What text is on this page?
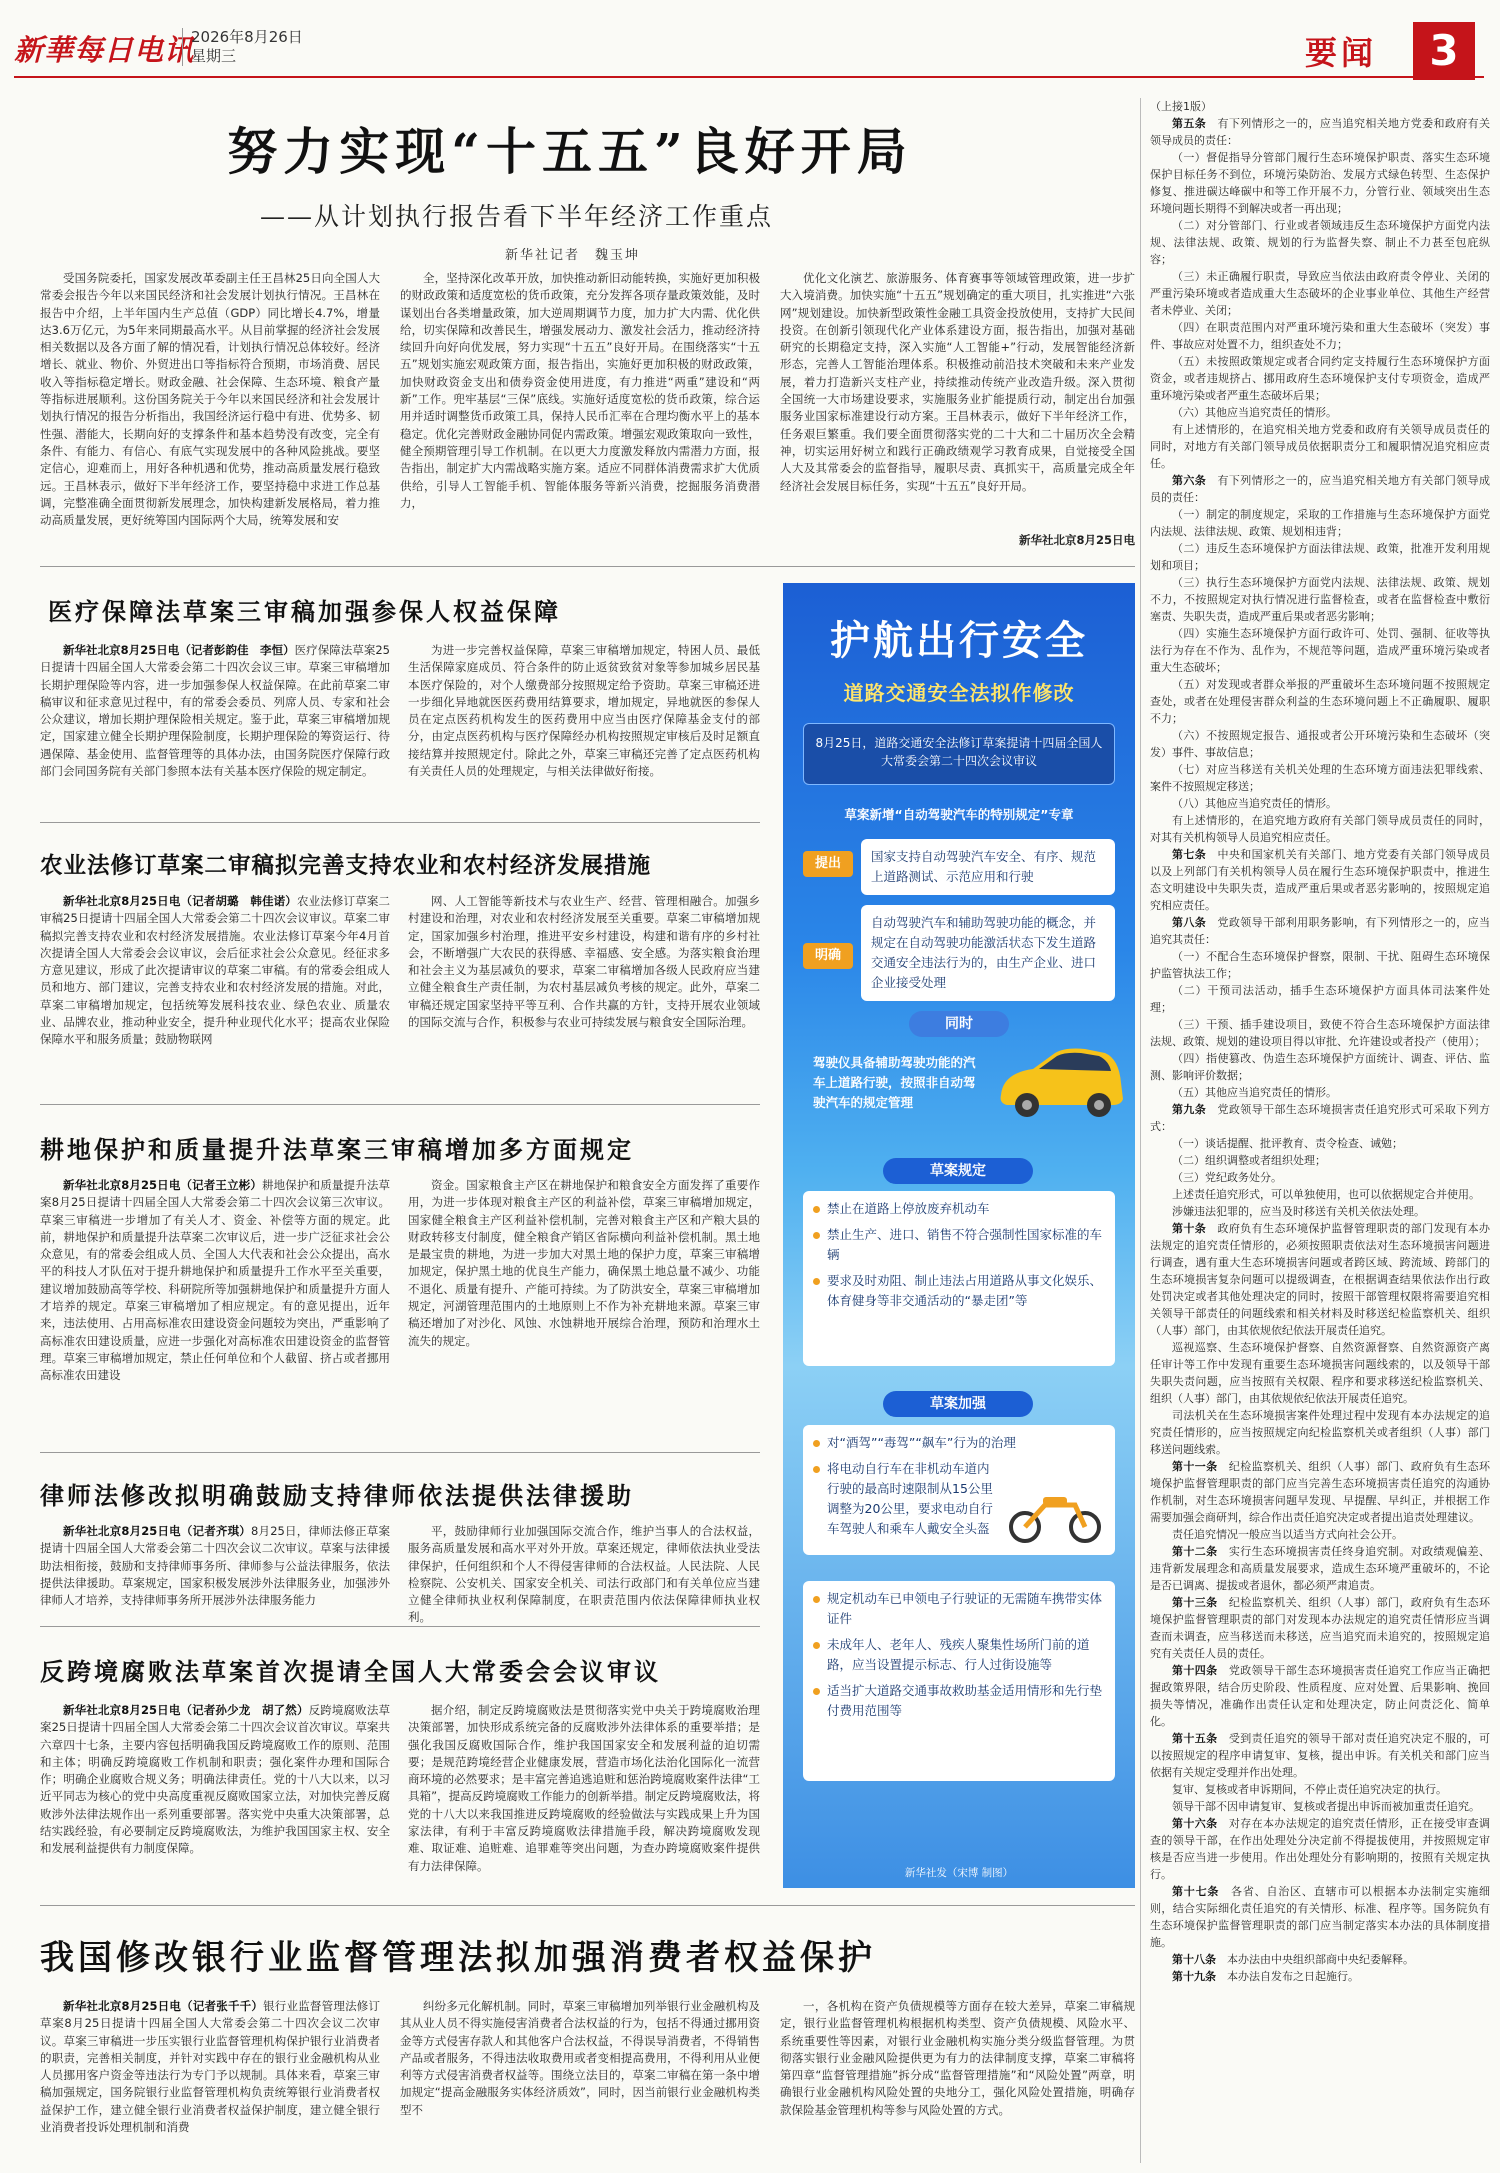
新華每日电讯
2026年8月26日
星期三	要闻	3
努力实现“十五五”良好开局
——从计划执行报告看下半年经济工作重点
新华社记者　魏玉坤

受国务院委托，国家发展改革委副主任王昌林25日向全国人大常委会报告今年以来国民经济和社会发展计划执行情况。王昌林在报告中介绍，上半年国内生产总值（GDP）同比增长4.7%，增量达3.6万亿元，为5年来同期最高水平。从目前掌握的经济社会发展相关数据以及各方面了解的情况看，计划执行情况总体较好。经济增长、就业、物价、外贸进出口等指标符合预期，市场消费、居民收入等指标稳定增长。财政金融、社会保障、生态环境、粮食产量等指标进展顺利。这份国务院关于今年以来国民经济和社会发展计划执行情况的报告分析指出，我国经济运行稳中有进、优势多、韧性强、潜能大，长期向好的支撑条件和基本趋势没有改变，完全有条件、有能力、有信心、有底气实现发展中的各种风险挑战。要坚定信心，迎难而上，用好各种机遇和优势，推动高质量发展行稳致远。王昌林表示，做好下半年经济工作，要坚持稳中求进工作总基调，完整准确全面贯彻新发展理念，加快构建新发展格局，着力推动高质量发展，更好统筹国内国际两个大局，统筹发展和安

全，坚持深化改革开放，加快推动新旧动能转换，实施好更加积极的财政政策和适度宽松的货币政策，充分发挥各项存量政策效能，及时谋划出台各类增量政策，加大逆周期调节力度，加力扩大内需、优化供给，切实保障和改善民生，增强发展动力、激发社会活力，推动经济持续回升向好向优发展，努力实现“十五五”良好开局。在围绕落实“十五五”规划实施宏观政策方面，报告指出，实施好更加积极的财政政策，加快财政资金支出和债券资金使用进度，有力推进“两重”建设和“两新”工作。兜牢基层“三保”底线。实施好适度宽松的货币政策，综合运用并适时调整货币政策工具，保持人民币汇率在合理均衡水平上的基本稳定。优化完善财政金融协同促内需政策。增强宏观政策取向一致性，健全预期管理引导工作机制。在以更大力度激发释放内需潜力方面，报告指出，制定扩大内需战略实施方案。适应不同群体消费需求扩大优质供给，引导人工智能手机、智能体服务等新兴消费，挖掘服务消费潜力，

优化文化演艺、旅游服务、体育赛事等领域管理政策，进一步扩大入境消费。加快实施“十五五”规划确定的重大项目，扎实推进“六张网”规划建设。加快新型政策性金融工具资金投放使用，支持扩大民间投资。在创新引领现代化产业体系建设方面，报告指出，加强对基础研究的长期稳定支持，深入实施“人工智能+”行动，发展智能经济新形态，完善人工智能治理体系。积极推动前沿技术突破和未来产业发展，着力打造新兴支柱产业，持续推动传统产业改造升级。深入贯彻全国统一大市场建设要求，实施服务业扩能提质行动，制定出台加强服务业国家标准建设行动方案。王昌林表示，做好下半年经济工作，任务艰巨繁重。我们要全面贯彻落实党的二十大和二十届历次全会精神，切实运用好树立和践行正确政绩观学习教育成果，自觉接受全国人大及其常委会的监督指导，履职尽责、真抓实干，高质量完成全年经济社会发展目标任务，实现“十五五”良好开局。

新华社北京8月25日电
医疗保障法草案三审稿加强参保人权益保障

新华社北京8月25日电（记者彭韵佳　李恒）医疗保障法草案25日提请十四届全国人大常委会第二十四次会议三审。草案三审稿增加长期护理保险等内容，进一步加强参保人权益保障。在此前草案二审稿审议和征求意见过程中，有的常委会委员、列席人员、专家和社会公众建议，增加长期护理保险相关规定。鉴于此，草案三审稿增加规定，国家建立健全长期护理保险制度，长期护理保险的筹资运行、待遇保障、基金使用、监督管理等的具体办法，由国务院医疗保障行政部门会同国务院有关部门参照本法有关基本医疗保险的规定制定。

为进一步完善权益保障，草案三审稿增加规定，特困人员、最低生活保障家庭成员、符合条件的防止返贫致贫对象等参加城乡居民基本医疗保险的，对个人缴费部分按照规定给予资助。草案三审稿还进一步细化异地就医医药费用结算要求，增加规定，异地就医的参保人员在定点医药机构发生的医药费用中应当由医疗保障基金支付的部分，由定点医药机构与医疗保障经办机构按照规定审核后及时足额直接结算并按照规定付。除此之外，草案三审稿还完善了定点医药机构有关责任人员的处理规定，与相关法律做好衔接。

农业法修订草案二审稿拟完善支持农业和农村经济发展措施

新华社北京8月25日电（记者胡璐　韩佳诺）农业法修订草案二审稿25日提请十四届全国人大常委会第二十四次会议审议。草案二审稿拟完善支持农业和农村经济发展措施。农业法修订草案今年4月首次提请全国人大常委会会议审议，会后征求社会公众意见。经征求多方意见建议，形成了此次提请审议的草案二审稿。有的常委会组成人员和地方、部门建议，完善支持农业和农村经济发展的措施。对此，草案二审稿增加规定，包括统筹发展科技农业、绿色农业、质量农业、品牌农业，推动种业安全，提升种业现代化水平；提高农业保险保障水平和服务质量；鼓励物联网

网、人工智能等新技术与农业生产、经营、管理相融合。加强乡村建设和治理，对农业和农村经济发展至关重要。草案二审稿增加规定，国家加强乡村治理，推进平安乡村建设，构建和谐有序的乡村社会，不断增强广大农民的获得感、幸福感、安全感。为落实粮食治理和社会主义为基层减负的要求，草案二审稿增加各级人民政府应当建立健全粮食生产责任制，为农村基层减负考核的规定。此外，草案二审稿还规定国家坚持平等互利、合作共赢的方针，支持开展农业领域的国际交流与合作，积极参与农业可持续发展与粮食安全国际治理。

耕地保护和质量提升法草案三审稿增加多方面规定

新华社北京8月25日电（记者王立彬）耕地保护和质量提升法草案8月25日提请十四届全国人大常委会第二十四次会议第三次审议。草案三审稿进一步增加了有关人才、资金、补偿等方面的规定。此前，耕地保护和质量提升法草案二次审议后，进一步广泛征求社会公众意见，有的常委会组成人员、全国人大代表和社会公众提出，高水平的科技人才队伍对于提升耕地保护和质量提升工作水平至关重要，建议增加鼓励高等学校、科研院所等加强耕地保护和质量提升方面人才培养的规定。草案三审稿增加了相应规定。有的意见提出，近年来，违法使用、占用高标准农田建设资金问题较为突出，严重影响了高标准农田建设质量，应进一步强化对高标准农田建设资金的监督管理。草案三审稿增加规定，禁止任何单位和个人截留、挤占或者挪用高标准农田建设

资金。国家粮食主产区在耕地保护和粮食安全方面发挥了重要作用，为进一步体现对粮食主产区的利益补偿，草案三审稿增加规定，国家健全粮食主产区利益补偿机制，完善对粮食主产区和产粮大县的财政转移支付制度，健全粮食产销区省际横向利益补偿机制。黑土地是最宝贵的耕地，为进一步加大对黑土地的保护力度，草案三审稿增加规定，保护黑土地的优良生产能力，确保黑土地总量不减少、功能不退化、质量有提升、产能可持续。为了防洪安全，草案三审稿增加规定，河湖管理范围内的土地原则上不作为补充耕地来源。草案三审稿还增加了对沙化、风蚀、水蚀耕地开展综合治理，预防和治理水土流失的规定。

律师法修改拟明确鼓励支持律师依法提供法律援助

新华社北京8月25日电（记者齐琪）8月25日，律师法修正草案提请十四届全国人大常委会第二十四次会议二次审议。草案与法律援助法相衔接，鼓励和支持律师事务所、律师参与公益法律服务，依法提供法律援助。草案规定，国家积极发展涉外法律服务业，加强涉外律师人才培养，支持律师事务所开展涉外法律服务能力

平，鼓励律师行业加强国际交流合作，维护当事人的合法权益，服务高质量发展和高水平对外开放。草案还规定，律师依法执业受法律保护，任何组织和个人不得侵害律师的合法权益。人民法院、人民检察院、公安机关、国家安全机关、司法行政部门和有关单位应当建立健全律师执业权利保障制度，在职责范围内依法保障律师执业权利。

反跨境腐败法草案首次提请全国人大常委会会议审议

新华社北京8月25日电（记者孙少龙　胡了然）反跨境腐败法草案25日提请十四届全国人大常委会第二十四次会议首次审议。草案共六章四十七条，主要内容包括明确我国反跨境腐败工作的原则、范围和主体；明确反跨境腐败工作机制和职责；强化案件办理和国际合作；明确企业腐败合规义务；明确法律责任。党的十八大以来，以习近平同志为核心的党中央高度重视反腐败国家立法，对加快完善反腐败涉外法律法规作出一系列重要部署。落实党中央重大决策部署，总结实践经验，有必要制定反跨境腐败法，为维护我国国家主权、安全和发展利益提供有力制度保障。

据介绍，制定反跨境腐败法是贯彻落实党中央关于跨境腐败治理决策部署，加快形成系统完备的反腐败涉外法律体系的重要举措；是强化我国反腐败国际合作，维护我国国家安全和发展利益的迫切需要；是规范跨境经营企业健康发展，营造市场化法治化国际化一流营商环境的必然要求；是丰富完善追逃追赃和惩治跨境腐败案件法律“工具箱”，提高反跨境腐败工作能力的创新举措。制定反跨境腐败法，将党的十八大以来我国推进反跨境腐败的经验做法与实践成果上升为国家法律，有利于丰富反跨境腐败法律措施手段，解决跨境腐败发现难、取证难、追赃难、追罪难等突出问题，为查办跨境腐败案件提供有力法律保障。

我国修改银行业监督管理法拟加强消费者权益保护

新华社北京8月25日电（记者张千千）银行业监督管理法修订草案8月25日提请十四届全国人大常委会第二十四次会议二次审议。草案三审稿进一步压实银行业监督管理机构保护银行业消费者的职责，完善相关制度，并针对实践中存在的银行业金融机构从业人员挪用客户资金等违法行为专门予以规制。具体来看，草案三审稿加强规定，国务院银行业监督管理机构负责统筹银行业消费者权益保护工作，建立健全银行业消费者权益保护制度，建立健全银行业消费者投诉处理机制和消费

纠纷多元化解机制。同时，草案三审稿增加列举银行业金融机构及其从业人员不得实施侵害消费者合法权益的行为，包括不得通过挪用资金等方式侵害存款人和其他客户合法权益，不得误导消费者，不得销售产品或者服务，不得违法收取费用或者变相提高费用，不得利用从业便利等方式侵害消费者权益等。围绕立法目的，草案二审稿在第一条中增加规定“提高金融服务实体经济质效”，同时，因当前银行业金融机构类型不

一，各机构在资产负债规模等方面存在较大差异，草案二审稿规定，银行业监督管理机构根据机构类型、资产负债规模、风险水平、系统重要性等因素，对银行业金融机构实施分类分级监督管理。为贯彻落实银行业金融风险提供更为有力的法律制度支撑，草案二审稿将第四章“监督管理措施”拆分成“监督管理措施”和“风险处置”两章，明确银行业金融机构风险处置的央地分工，强化风险处置措施，明确存款保险基金管理机构等参与风险处置的方式。

护航出行安全
道路交通安全法拟作修改
8月25日，道路交通安全法修订草案提请十四届全国人大常委会第二十四次会议审议
草案新增“自动驾驶汽车的特别规定”专章
提出	国家支持自动驾驶汽车安全、有序、规范上道路测试、示范应用和行驶
明确
自动驾驶汽车和辅助驾驶功能的概念，并规定在自动驾驶功能激活状态下发生道路交通安全违法行为的，由生产企业、进口企业接受处理
同时
驾驶仪具备辅助驾驶功能的汽车上道路行驶，按照非自动驾驶汽车的规定管理
草案规定
禁止在道路上停放废弃机动车
禁止生产、进口、销售不符合强制性国家标准的车辆
要求及时劝阻、制止违法占用道路从事文化娱乐、体育健身等非交通活动的“暴走团”等
草案加强
对“酒驾”“毒驾”“飙车”行为的治理
将电动自行车在非机动车道内行驶的最高时速限制从15公里调整为20公里，要求电动自行车驾驶人和乘车人戴安全头盔
规定机动车已申领电子行驶证的无需随车携带实体证件
未成年人、老年人、残疾人聚集性场所门前的道路，应当设置提示标志、行人过街设施等
适当扩大道路交通事故救助基金适用情形和先行垫付费用范围等
新华社发（宋博 制图）
（上接1版）

第五条　 有下列情形之一的，应当追究相关地方党委和政府有关领导成员的责任：

（一）督促指导分管部门履行生态环境保护职责、落实生态环境保护目标任务不到位，环境污染防治、发展方式绿色转型、生态保护修复、推进碳达峰碳中和等工作开展不力，分管行业、领域突出生态环境问题长期得不到解决或者一再出现；

（二）对分管部门、行业或者领域违反生态环境保护方面党内法规、法律法规、政策、规划的行为监督失察、制止不力甚至包庇纵容；

（三）未正确履行职责，导致应当依法由政府责令停业、关闭的严重污染环境或者造成重大生态破坏的企业事业单位、其他生产经营者未停业、关闭；

（四）在职责范围内对严重环境污染和重大生态破坏（突发）事件、事故应对处置不力，组织查处不力；

（五）未按照政策规定或者合同约定支持履行生态环境保护方面资金，或者违规挤占、挪用政府生态环境保护支付专项资金，造成严重环境污染或者严重生态破坏后果；

（六）其他应当追究责任的情形。

有上述情形的，在追究相关地方党委和政府有关领导成员责任的同时，对地方有关部门领导成员依据职责分工和履职情况追究相应责任。

第六条　 有下列情形之一的，应当追究相关地方有关部门领导成员的责任：

（一）制定的制度规定，采取的工作措施与生态环境保护方面党内法规、法律法规、政策、规划相违背；

（二）违反生态环境保护方面法律法规、政策，批准开发利用规划和项目；

（三）执行生态环境保护方面党内法规、法律法规、政策、规划不力，不按照规定对执行情况进行监督检查，或者在监督检查中敷衍塞责、失职失责，造成严重后果或者恶劣影响；

（四）实施生态环境保护方面行政许可、处罚、强制、征收等执法行为存在不作为、乱作为，不规范等问题，造成严重环境污染或者重大生态破坏；

（五）对发现或者群众举报的严重破坏生态环境问题不按照规定查处，或者在处理侵害群众利益的生态环境问题上不正确履职、履职不力；

（六）不按照规定报告、通报或者公开环境污染和生态破坏（突发）事件、事故信息；

（七）对应当移送有关机关处理的生态环境方面违法犯罪线索、案件不按照规定移送；

（八）其他应当追究责任的情形。

有上述情形的，在追究地方政府有关部门领导成员责任的同时，对其有关机构领导人员追究相应责任。

第七条　 中央和国家机关有关部门、地方党委有关部门领导成员以及上列部门有关机构领导人员在履行生态环境保护职责中，推进生态文明建设中失职失责，造成严重后果或者恶劣影响的，按照规定追究相应责任。

第八条　 党政领导干部利用职务影响，有下列情形之一的，应当追究其责任：

（一）不配合生态环境保护督察，限制、干扰、阻碍生态环境保护监管执法工作；

（二）干预司法活动，插手生态环境保护方面具体司法案件处理；

（三）干预、插手建设项目，致使不符合生态环境保护方面法律法规、政策、规划的建设项目得以审批、允许建设或者投产（使用）；

（四）指使篡改、伪造生态环境保护方面统计、调查、评估、监测、影响评价数据；

（五）其他应当追究责任的情形。

第九条　 党政领导干部生态环境损害责任追究形式可采取下列方式：

（一）谈话提醒、批评教育、责令检查、诫勉；

（二）组织调整或者组织处理；

（三）党纪政务处分。

上述责任追究形式，可以单独使用，也可以依据规定合并使用。

涉嫌违法犯罪的，应当及时移送有关机关依法处理。

第十条　 政府负有生态环境保护监督管理职责的部门发现有本办法规定的追究责任情形的，必须按照职责依法对生态环境损害问题进行调查，遇有重大生态环境损害问题或者跨区域、跨流域、跨部门的生态环境损害复杂问题可以提级调查，在根据调查结果依法作出行政处罚决定或者其他处理决定的同时，按照干部管理权限将需要追究相关领导干部责任的问题线索和相关材料及时移送纪检监察机关、组织（人事）部门，由其依规依纪依法开展责任追究。

巡视巡察、生态环境保护督察、自然资源督察、自然资源资产离任审计等工作中发现有重要生态环境损害问题线索的，以及领导干部失职失责问题，应当按照有关权限、程序和要求移送纪检监察机关、组织（人事）部门，由其依规依纪依法开展责任追究。

司法机关在生态环境损害案件处理过程中发现有本办法规定的追究责任情形的，应当按照规定向纪检监察机关或者组织（人事）部门移送问题线索。

第十一条　 纪检监察机关、组织（人事）部门、政府负有生态环境保护监督管理职责的部门应当完善生态环境损害责任追究的沟通协作机制，对生态环境损害问题早发现、早提醒、早纠正，并根据工作需要加强会商研判，综合作出责任追究决定或者提出追责处理建议。

责任追究情况一般应当以适当方式向社会公开。

第十二条　 实行生态环境损害责任终身追究制。对政绩观偏差、违背新发展理念和高质量发展要求，造成生态环境严重破坏的，不论是否已调离、提拔或者退休，都必须严肃追责。

第十三条　 纪检监察机关、组织（人事）部门，政府负有生态环境保护监督管理职责的部门对发现本办法规定的追究责任情形应当调查而未调查，应当移送而未移送，应当追究而未追究的，按照规定追究有关责任人员的责任。

第十四条　 党政领导干部生态环境损害责任追究工作应当正确把握政策界限，结合历史阶段、性质程度、应对处置、后果影响、挽回损失等情况，准确作出责任认定和处理决定，防止问责泛化、简单化。

第十五条　 受到责任追究的领导干部对责任追究决定不服的，可以按照规定的程序申请复审、复核，提出申诉。有关机关和部门应当依据有关规定受理并作出处理。

复审、复核或者申诉期间，不停止责任追究决定的执行。

领导干部不因申请复审、复核或者提出申诉而被加重责任追究。

第十六条　 对存在本办法规定的追究责任情形，正在接受审查调查的领导干部，在作出处理处分决定前不得提拔使用，并按照规定审核是否应当进一步使用。作出处理处分有影响期的，按照有关规定执行。

第十七条　 各省、自治区、直辖市可以根据本办法制定实施细则，结合实际细化责任追究的有关情形、标准、程序等。国务院负有生态环境保护监督管理职责的部门应当制定落实本办法的具体制度措施。

第十八条　 本办法由中央组织部商中央纪委解释。

第十九条　 本办法自发布之日起施行。
